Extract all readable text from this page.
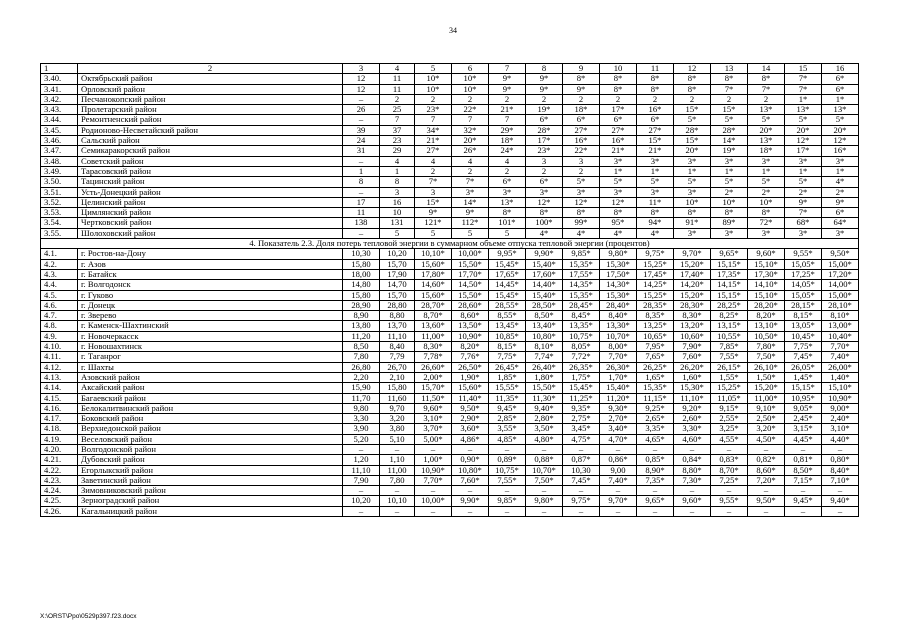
34
1	2	3	4	5	6	7	8	9	10	11	12	13	14	15	16
3.40.	Октябрьский район	12	11	10*	10*	9*	9*	8*	8*	8*	8*	8*	8*	7*	6*
3.41.	Орловский район	12	11	10*	10*	9*	9*	9*	8*	8*	8*	7*	7*	7*	6*
3.42.	Песчанокопский район	–	2	2	2	2	2	2	2	2	2	2	2	1*	1*
3.43.	Пролетарский район	26	25	23*	22*	21*	19*	18*	17*	16*	15*	15*	13*	13*	13*
3.44.	Ремонтненский район	–	7	7	7	7	6*	6*	6*	6*	5*	5*	5*	5*	5*
3.45.	Родионово-Несветайский район	39	37	34*	32*	29*	28*	27*	27*	27*	28*	28*	20*	20*	20*
3.46.	Сальский район	24	23	21*	20*	18*	17*	16*	16*	15*	15*	14*	13*	12*	12*
3.47.	Семикаракорский район	31	29	27*	26*	24*	23*	22*	21*	21*	20*	19*	18*	17*	16*
3.48.	Советский район	–	4	4	4	4	3	3	3*	3*	3*	3*	3*	3*	3*
3.49.	Тарасовский район	1	1	2	2	2	2	2	1*	1*	1*	1*	1*	1*	1*
3.50.	Тацинский район	8	8	7*	7*	6*	6*	5*	5*	5*	5*	5*	5*	5*	4*
3.51.	Усть-Донецкий район	–	3	3	3*	3*	3*	3*	3*	3*	3*	2*	2*	2*	2*
3.52.	Целинский район	17	16	15*	14*	13*	12*	12*	12*	11*	10*	10*	10*	9*	9*
3.53.	Цимлянский район	11	10	9*	9*	8*	8*	8*	8*	8*	8*	8*	8*	7*	6*
3.54.	Чертковский район	138	131	121*	112*	101*	100*	99*	95*	94*	91*	89*	72*	68*	64*
3.55.	Шолоховский район	–	5	5	5	5	4*	4*	4*	4*	3*	3*	3*	3*	3*
4. Показатель 2.3. Доля потерь тепловой энергии в суммарном объеме отпуска тепловой энергии (процентов)															
4.1.	г. Ростов-на-Дону	10,30	10,20	10,10*	10,00*	9,95*	9,90*	9,85*	9,80*	9,75*	9,70*	9,65*	9,60*	9,55*	9,50*
4.2.	г. Азов	15,80	15,70	15,60*	15,50*	15,45*	15,40*	15,35*	15,30*	15,25*	15,20*	15,15*	15,10*	15,05*	15,00*
4.3.	г. Батайск	18,00	17,90	17,80*	17,70*	17,65*	17,60*	17,55*	17,50*	17,45*	17,40*	17,35*	17,30*	17,25*	17,20*
4.4.	г. Волгодонск	14,80	14,70	14,60*	14,50*	14,45*	14,40*	14,35*	14,30*	14,25*	14,20*	14,15*	14,10*	14,05*	14,00*
4.5.	г. Гуково	15,80	15,70	15,60*	15,50*	15,45*	15,40*	15,35*	15,30*	15,25*	15,20*	15,15*	15,10*	15,05*	15,00*
4.6.	г. Донецк	28,90	28,80	28,70*	28,60*	28,55*	28,50*	28,45*	28,40*	28,35*	28,30*	28,25*	28,20*	28,15*	28,10*
4.7.	г. Зверево	8,90	8,80	8,70*	8,60*	8,55*	8,50*	8,45*	8,40*	8,35*	8,30*	8,25*	8,20*	8,15*	8,10*
4.8.	г. Каменск-Шахтинский	13,80	13,70	13,60*	13,50*	13,45*	13,40*	13,35*	13,30*	13,25*	13,20*	13,15*	13,10*	13,05*	13,00*
4.9.	г. Новочеркасск	11,20	11,10	11,00*	10,90*	10,85*	10,80*	10,75*	10,70*	10,65*	10,60*	10,55*	10,50*	10,45*	10,40*
4.10.	г. Новошахтинск	8,50	8,40	8,30*	8,20*	8,15*	8,10*	8,05*	8,00*	7,95*	7,90*	7,85*	7,80*	7,75*	7,70*
4.11.	г. Таганрог	7,80	7,79	7,78*	7,76*	7,75*	7,74*	7,72*	7,70*	7,65*	7,60*	7,55*	7,50*	7,45*	7,40*
4.12.	г. Шахты	26,80	26,70	26,60*	26,50*	26,45*	26,40*	26,35*	26,30*	26,25*	26,20*	26,15*	26,10*	26,05*	26,00*
4.13.	Азовский район	2,20	2,10	2,00*	1,90*	1,85*	1,80*	1,75*	1,70*	1,65*	1,60*	1,55*	1,50*	1,45*	1,40*
4.14.	Аксайский район	15,90	15,80	15,70*	15,60*	15,55*	15,50*	15,45*	15,40*	15,35*	15,30*	15,25*	15,20*	15,15*	15,10*
4.15.	Багаевский район	11,70	11,60	11,50*	11,40*	11,35*	11,30*	11,25*	11,20*	11,15*	11,10*	11,05*	11,00*	10,95*	10,90*
4.16.	Белокалитвинский район	9,80	9,70	9,60*	9,50*	9,45*	9,40*	9,35*	9,30*	9,25*	9,20*	9,15*	9,10*	9,05*	9,00*
4.17.	Боковский район	3,30	3,20	3,10*	2,90*	2,85*	2,80*	2,75*	2,70*	2,65*	2,60*	2,55*	2,50*	2,45*	2,40*
4.18.	Верхнедонской район	3,90	3,80	3,70*	3,60*	3,55*	3,50*	3,45*	3,40*	3,35*	3,30*	3,25*	3,20*	3,15*	3,10*
4.19.	Веселовский район	5,20	5,10	5,00*	4,86*	4,85*	4,80*	4,75*	4,70*	4,65*	4,60*	4,55*	4,50*	4,45*	4,40*
4.20.	Волгодонской район	–	–	–	–	–	–	–	–	–	–	–	–	–	–
4.21.	Дубовский район	1,20	1,10	1,00*	0,90*	0,89*	0,88*	0,87*	0,86*	0,85*	0,84*	0,83*	0,82*	0,81*	0,80*
4.22.	Егорлыкский район	11,10	11,00	10,90*	10,80*	10,75*	10,70*	10,30	9,00	8,90*	8,80*	8,70*	8,60*	8,50*	8,40*
4.23.	Заветинский район	7,90	7,80	7,70*	7,60*	7,55*	7,50*	7,45*	7,40*	7,35*	7,30*	7,25*	7,20*	7,15*	7,10*
4.24.	Зимовниковский район	–	–	–	–	–	–	–	–	–	–	–	–	–	–
4.25.	Зерноградский район	10,20	10,10	10,00*	9,90*	9,85*	9,80*	9,75*	9,70*	9,65*	9,60*	9,55*	9,50*	9,45*	9,40*
4.26.	Кагальницкий район	–	–	–	–	–	–	–	–	–	–	–	–	–	–
X:\ORST\Ppo\0529p397.f23.docx
